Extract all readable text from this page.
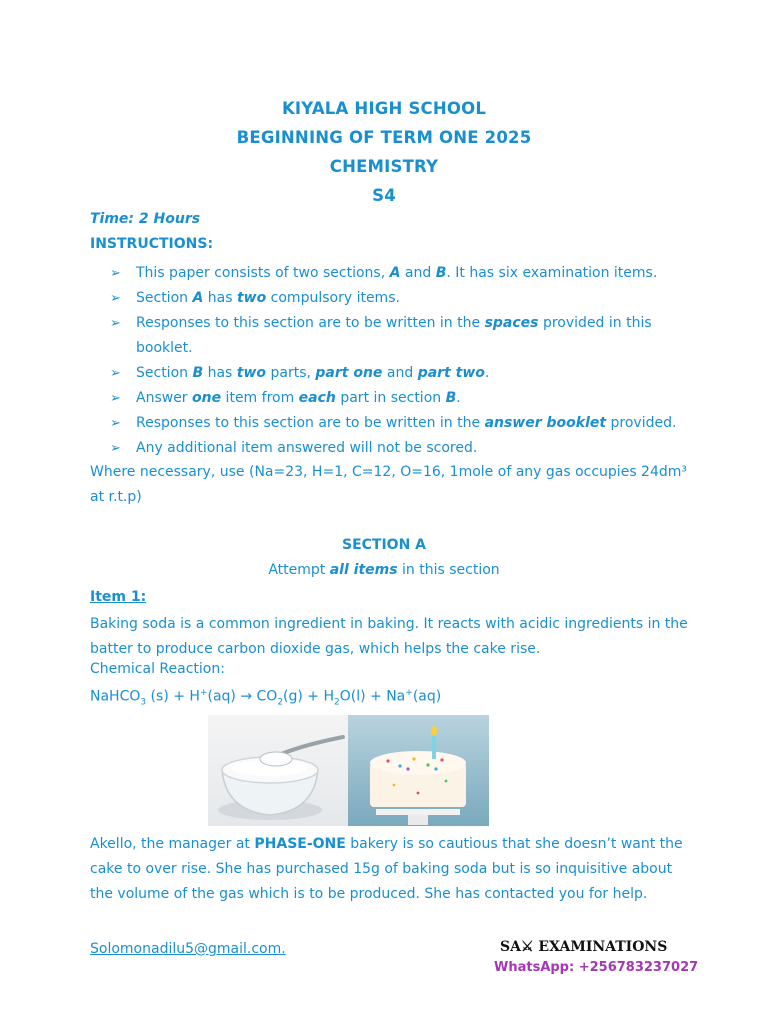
KIYALA HIGH SCHOOL
BEGINNING OF TERM ONE 2025
CHEMISTRY
S4
Time: 2 Hours
INSTRUCTIONS:
➢ This paper consists of two sections, A and B. It has six examination items.
➢ Section A has two compulsory items.
➢ Responses to this section are to be written in the spaces provided in this booklet.
➢ Section B has two parts, part one and part two.
➢ Answer one item from each part in section B.
➢ Responses to this section are to be written in the answer booklet provided.
➢ Any additional item answered will not be scored.
Where necessary, use (Na=23, H=1, C=12, O=16, 1mole of any gas occupies 24dm³ at r.t.p)
SECTION A
Attempt all items in this section
Item 1:
Baking soda is a common ingredient in baking. It reacts with acidic ingredients in the batter to produce carbon dioxide gas, which helps the cake rise.
Chemical Reaction:
NaHCO$_3$ $(s) + H^+(aq) \to CO_2(g) + H_2O(l) + Na^+(aq)$
Akello, the manager at PHASE-ONE bakery is so cautious that she doesn’t want the cake to over rise. She has purchased 15g of baking soda but is so inquisitive about the volume of the gas which is to be produced. She has contacted you for help.
Solomonadilu5@gmail.com.	SA⚔ EXAMINATIONS
WhatsApp: +256783237027
